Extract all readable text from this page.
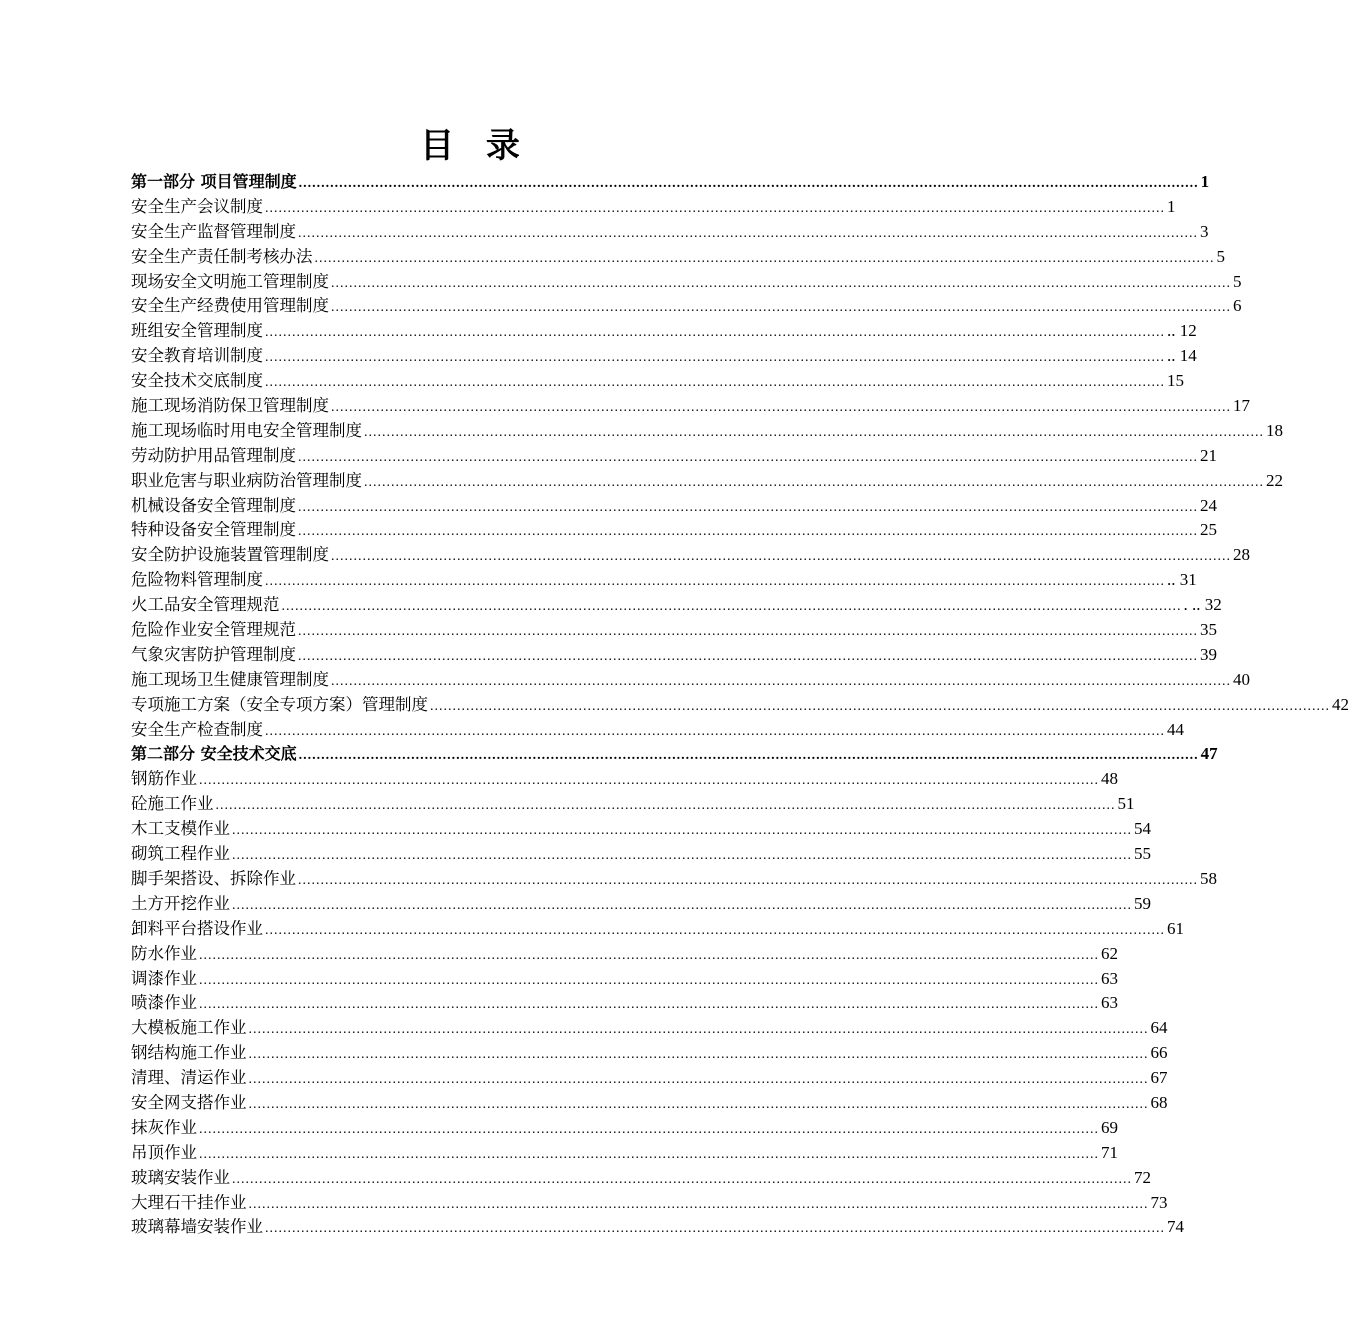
目 录
第一部分 项目管理制度 ........................................................................................................................................................................................................ 1
安全生产会议制度 ........................................................................................................................................................................................................ 1
安全生产监督管理制度 ........................................................................................................................................................................................................ 3
安全生产责任制考核办法 ........................................................................................................................................................................................................ 5
现场安全文明施工管理制度 ........................................................................................................................................................................................................ 5
安全生产经费使用管理制度 ........................................................................................................................................................................................................ 6
班组安全管理制度 ........................................................................................................................................................................................................ .. 12
安全教育培训制度 ........................................................................................................................................................................................................ .. 14
安全技术交底制度 ........................................................................................................................................................................................................ 15
施工现场消防保卫管理制度 ........................................................................................................................................................................................................ 17
施工现场临时用电安全管理制度 ........................................................................................................................................................................................................ 18
劳动防护用品管理制度 ........................................................................................................................................................................................................ 21
职业危害与职业病防治管理制度 ........................................................................................................................................................................................................ 22
机械设备安全管理制度 ........................................................................................................................................................................................................ 24
特种设备安全管理制度 ........................................................................................................................................................................................................ 25
安全防护设施装置管理制度 ........................................................................................................................................................................................................ 28
危险物料管理制度 ........................................................................................................................................................................................................ .. 31
火工品安全管理规范 ........................................................................................................................................................................................................ . .. 32
危险作业安全管理规范 ........................................................................................................................................................................................................ 35
气象灾害防护管理制度 ........................................................................................................................................................................................................ 39
施工现场卫生健康管理制度 ........................................................................................................................................................................................................ 40
专项施工方案（安全专项方案）管理制度 ........................................................................................................................................................................................................ 42
安全生产检查制度 ........................................................................................................................................................................................................ 44
第二部分 安全技术交底 ........................................................................................................................................................................................................ 47
钢筋作业 ........................................................................................................................................................................................................ 48
砼施工作业 ........................................................................................................................................................................................................ 51
木工支模作业 ........................................................................................................................................................................................................ 54
砌筑工程作业 ........................................................................................................................................................................................................ 55
脚手架搭设、拆除作业 ........................................................................................................................................................................................................ 58
土方开挖作业 ........................................................................................................................................................................................................ 59
卸料平台搭设作业 ........................................................................................................................................................................................................ 61
防水作业 ........................................................................................................................................................................................................ 62
调漆作业 ........................................................................................................................................................................................................ 63
喷漆作业 ........................................................................................................................................................................................................ 63
大模板施工作业 ........................................................................................................................................................................................................ 64
钢结构施工作业 ........................................................................................................................................................................................................ 66
清理、清运作业 ........................................................................................................................................................................................................ 67
安全网支搭作业 ........................................................................................................................................................................................................ 68
抹灰作业 ........................................................................................................................................................................................................ 69
吊顶作业 ........................................................................................................................................................................................................ 71
玻璃安装作业 ........................................................................................................................................................................................................ 72
大理石干挂作业 ........................................................................................................................................................................................................ 73
玻璃幕墙安装作业 ........................................................................................................................................................................................................ 74
